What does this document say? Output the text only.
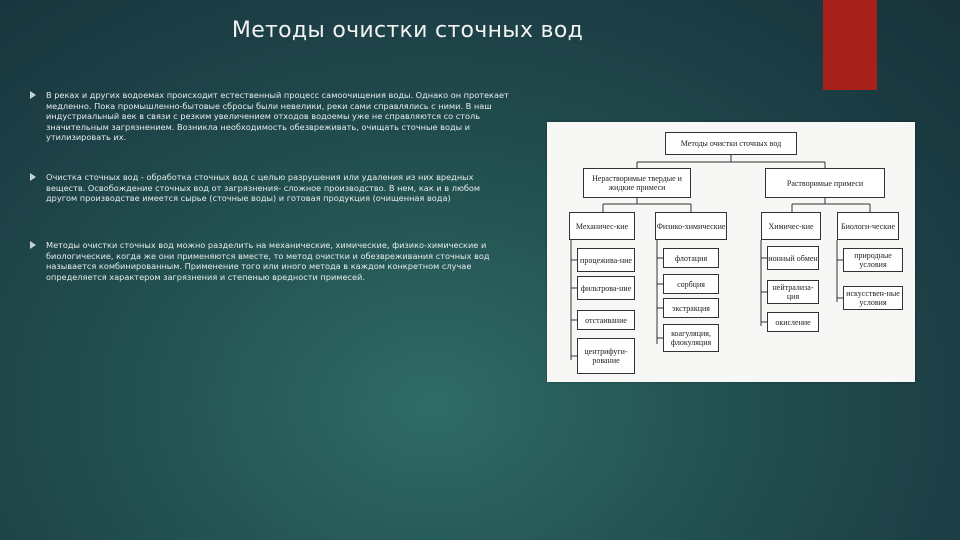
Методы очистки сточных вод
В реках и других водоемах происходит естественный процесс самоочищения воды. Однако он протекает медленно. Пока промышленно-бытовые сбросы были невелики, реки сами справлялись с ними. В наш индустриальный век в связи с резким увеличением отходов водоемы уже не справляются со столь значительным загрязнением. Возникла необходимость обезвреживать, очищать сточные воды и утилизировать их.
Очистка сточных вод - обработка сточных вод с целью разрушения или удаления из них вредных веществ. Освобождение сточных вод от загрязнения- сложное производство. В нем, как и в любом другом производстве имеется сырье (сточные воды) и готовая продукция (очищенная вода)
Методы очистки сточных вод можно разделить на механические, химические, физико-химические и биологические, когда же они применяются вместе, то метод очистки и обезвреживания сточных вод называется комбинированным. Применение того или иного метода в каждом конкретном случае определяется характером загрязнения и степенью вредности примесей.
Методы очистки сточных вод
Нерастворимые твердые и жидкие примеси	Растворимые примеси
Механичес-кие	Физико-химические	Химичес-кие	Биологи-ческие
процежива-ние
фильтрова-ние
отстаивание
центрифуги-рование
флотация
сорбция
экстракция
коагуляция, флокуляция
ионный обмен
нейтрализа-ция
окисление
природные условия
искусствен-ные условия
